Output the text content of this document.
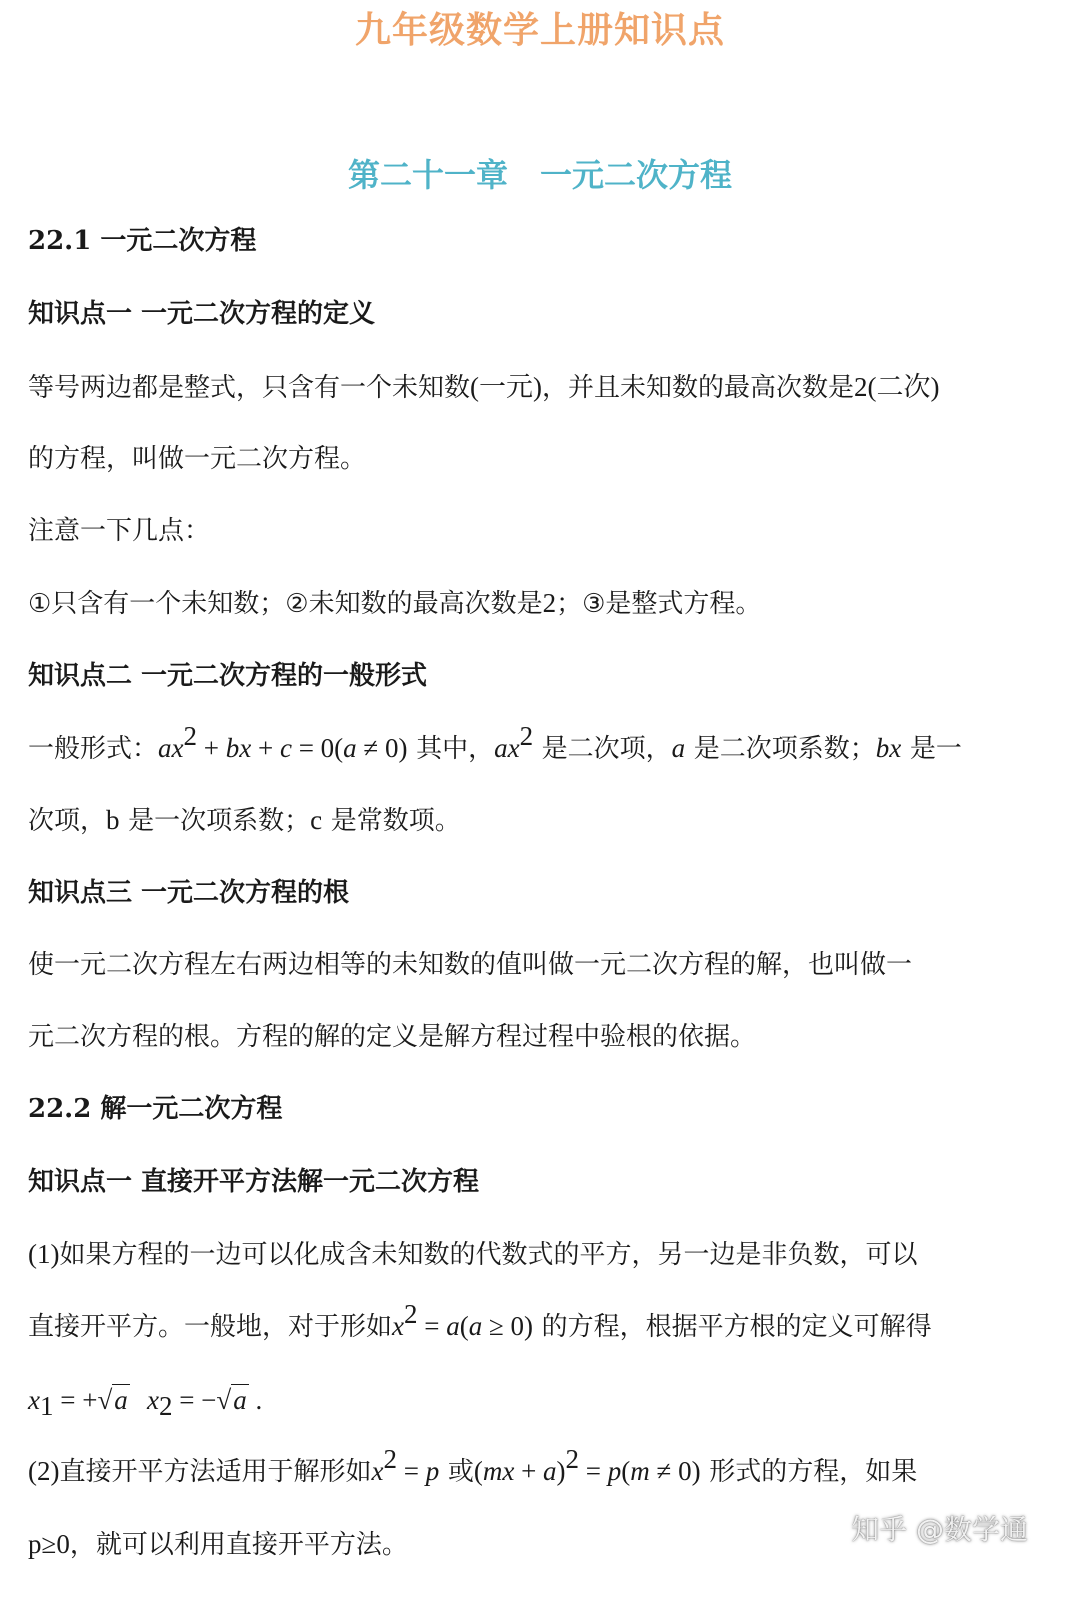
九年级数学上册知识点
第二十一章　一元二次方程
22.1 一元二次方程
知识点一 一元二次方程的定义
等号两边都是整式，只含有一个未知数(一元)，并且未知数的最高次数是2(二次)
的方程，叫做一元二次方程。
注意一下几点：
①只含有一个未知数；②未知数的最高次数是2；③是整式方程。
知识点二 一元二次方程的一般形式
一般形式：$ax^2$ + bx + c = 0(a ≠ 0) 其中，$ax^2$ 是二次项，a 是二次项系数；bx 是一
次项，b 是一次项系数；c 是常数项。
知识点三 一元二次方程的根
使一元二次方程左右两边相等的未知数的值叫做一元二次方程的解，也叫做一
元二次方程的根。方程的解的定义是解方程过程中验根的依据。
22.2 解一元二次方程
知识点一 直接开平方法解一元二次方程
(1)如果方程的一边可以化成含未知数的代数式的平方，另一边是非负数，可以
直接开平方。一般地，对于形如$x^2 = a(a \ge 0)$ 的方程，根据平方根的定义可解得
$x_1 = +√a$ $x_2 = -√a$ .
(2)直接开平方法适用于解形如$x^2 = p$ 或(mx + a)$^2$ = p(m ≠ 0) 形式的方程，如果
p≥0，就可以利用直接开平方法。	知乎 @数学通
